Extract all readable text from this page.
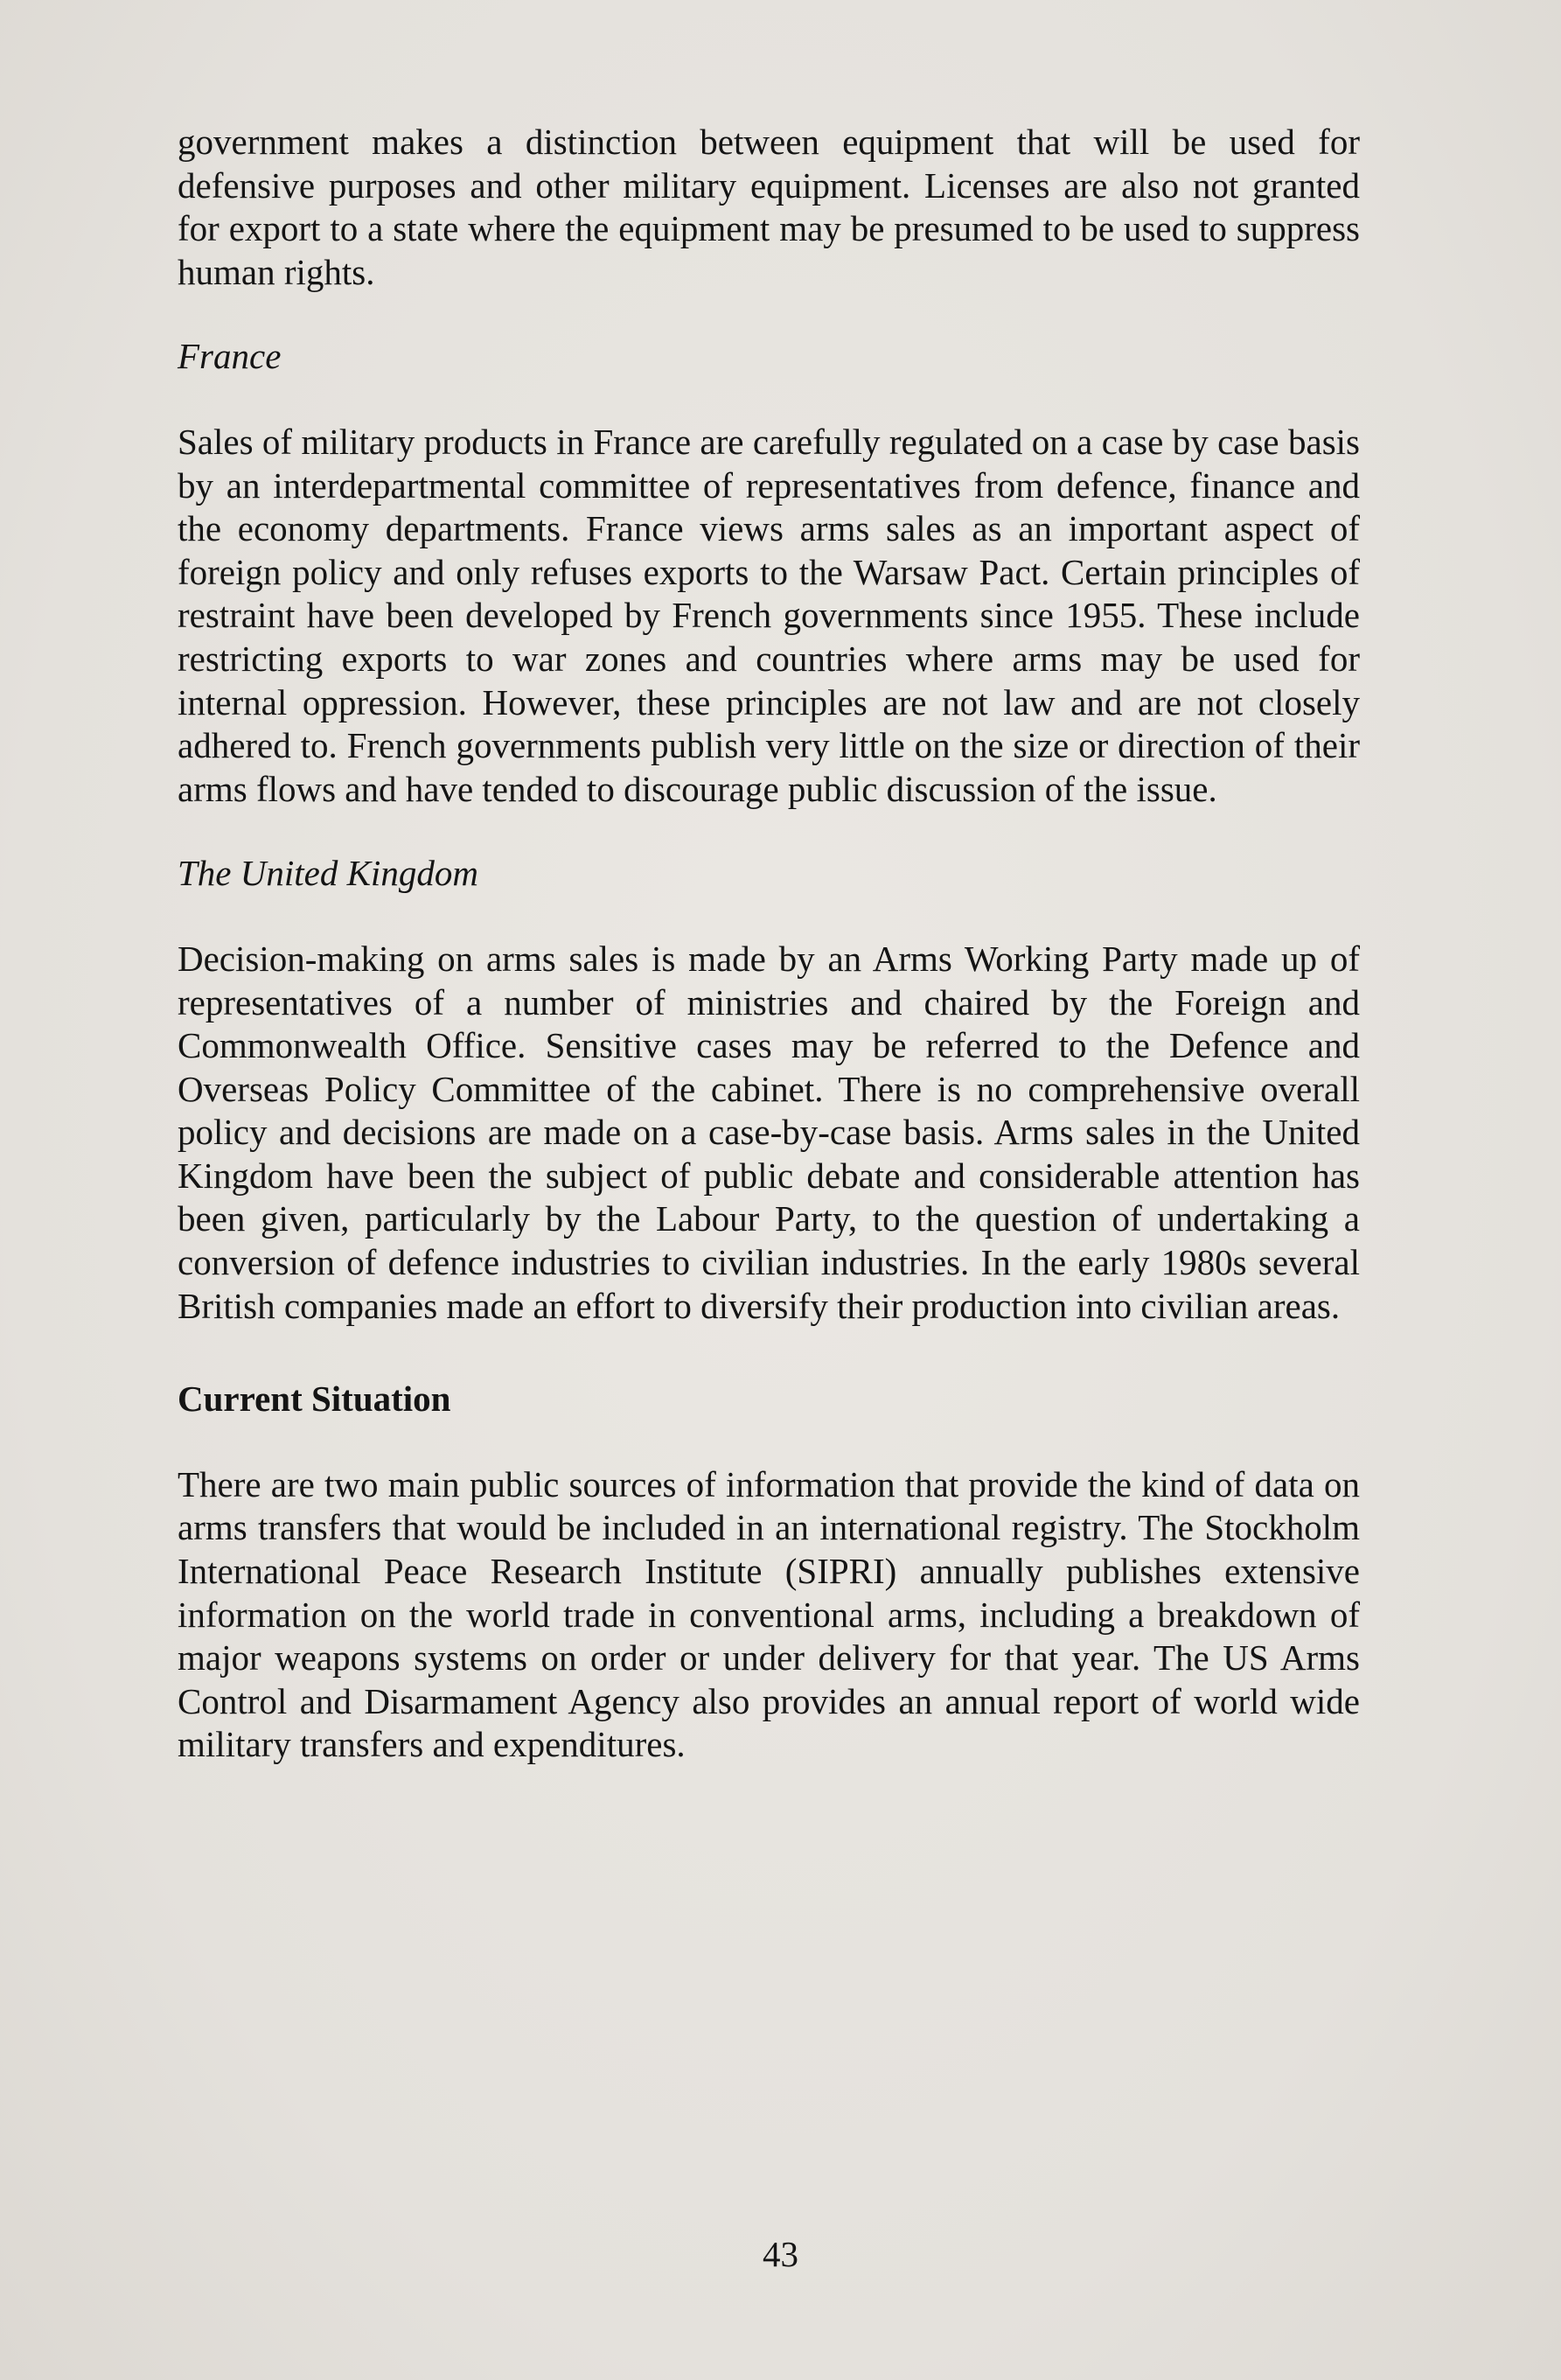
government makes a distinction between equipment that will be used for defensive purposes and other military equipment. Licenses are also not granted for export to a state where the equipment may be presumed to be used to suppress human rights.

France

Sales of military products in France are carefully regulated on a case by case basis by an interdepartmental committee of representatives from defence, finance and the economy departments. France views arms sales as an important aspect of foreign policy and only refuses exports to the Warsaw Pact. Certain principles of restraint have been developed by French governments since 1955. These include restricting exports to war zones and countries where arms may be used for internal oppression. However, these principles are not law and are not closely adhered to. French governments publish very little on the size or direction of their arms flows and have tended to discourage public discussion of the issue.

The United Kingdom

Decision-making on arms sales is made by an Arms Working Party made up of representatives of a number of ministries and chaired by the Foreign and Commonwealth Office. Sensitive cases may be referred to the Defence and Overseas Policy Committee of the cabinet. There is no comprehensive overall policy and decisions are made on a case-by-case basis. Arms sales in the United Kingdom have been the subject of public debate and considerable attention has been given, particularly by the Labour Party, to the question of undertaking a conversion of defence industries to civilian industries. In the early 1980s several British companies made an effort to diversify their production into civilian areas.

Current Situation

There are two main public sources of information that provide the kind of data on arms transfers that would be included in an international registry. The Stockholm International Peace Research Institute (SIPRI) annually publishes extensive information on the world trade in conventional arms, including a breakdown of major weapons systems on order or under delivery for that year. The US Arms Control and Disarmament Agency also provides an annual report of world wide military transfers and expenditures.

43
